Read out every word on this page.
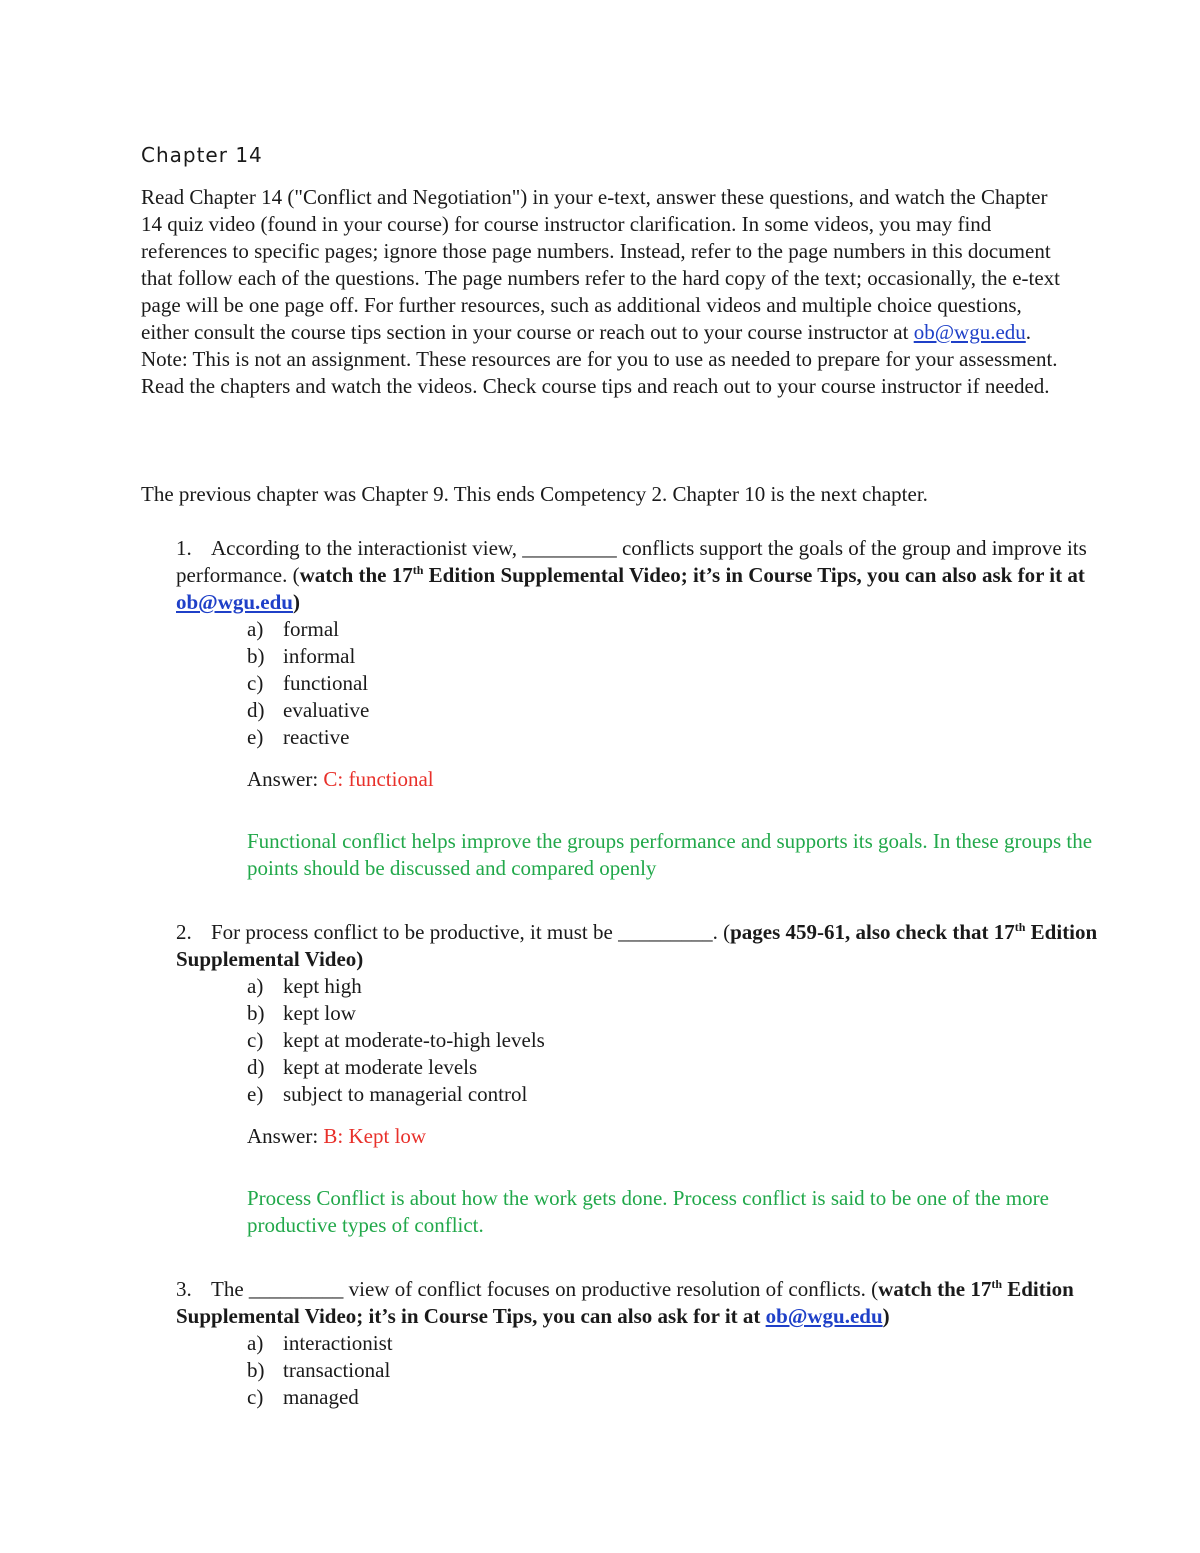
Chapter 14
Read Chapter 14 ("Conflict and Negotiation") in your e-text, answer these questions, and watch the Chapter 14 quiz video (found in your course) for course instructor clarification. In some videos, you may find references to specific pages; ignore those page numbers. Instead, refer to the page numbers in this document that follow each of the questions. The page numbers refer to the hard copy of the text; occasionally, the e-text page will be one page off. For further resources, such as additional videos and multiple choice questions, either consult the course tips section in your course or reach out to your course instructor at ob@wgu.edu. Note: This is not an assignment. These resources are for you to use as needed to prepare for your assessment. Read the chapters and watch the videos. Check course tips and reach out to your course instructor if needed.
The previous chapter was Chapter 9. This ends Competency 2. Chapter 10 is the next chapter.
1. According to the interactionist view, _________ conflicts support the goals of the group and improve its performance. (watch the 17th Edition Supplemental Video; it’s in Course Tips, you can also ask for it at ob@wgu.edu)
a) formal
b) informal
c) functional
d) evaluative
e) reactive
Answer: C: functional
Functional conflict helps improve the groups performance and supports its goals. In these groups the points should be discussed and compared openly
2. For process conflict to be productive, it must be _________. (pages 459-61, also check that 17th Edition Supplemental Video)
a) kept high
b) kept low
c) kept at moderate-to-high levels
d) kept at moderate levels
e) subject to managerial control
Answer: B: Kept low
Process Conflict is about how the work gets done. Process conflict is said to be one of the more productive types of conflict.
3. The _________ view of conflict focuses on productive resolution of conflicts. (watch the 17th Edition Supplemental Video; it’s in Course Tips, you can also ask for it at ob@wgu.edu)
a) interactionist
b) transactional
c) managed
